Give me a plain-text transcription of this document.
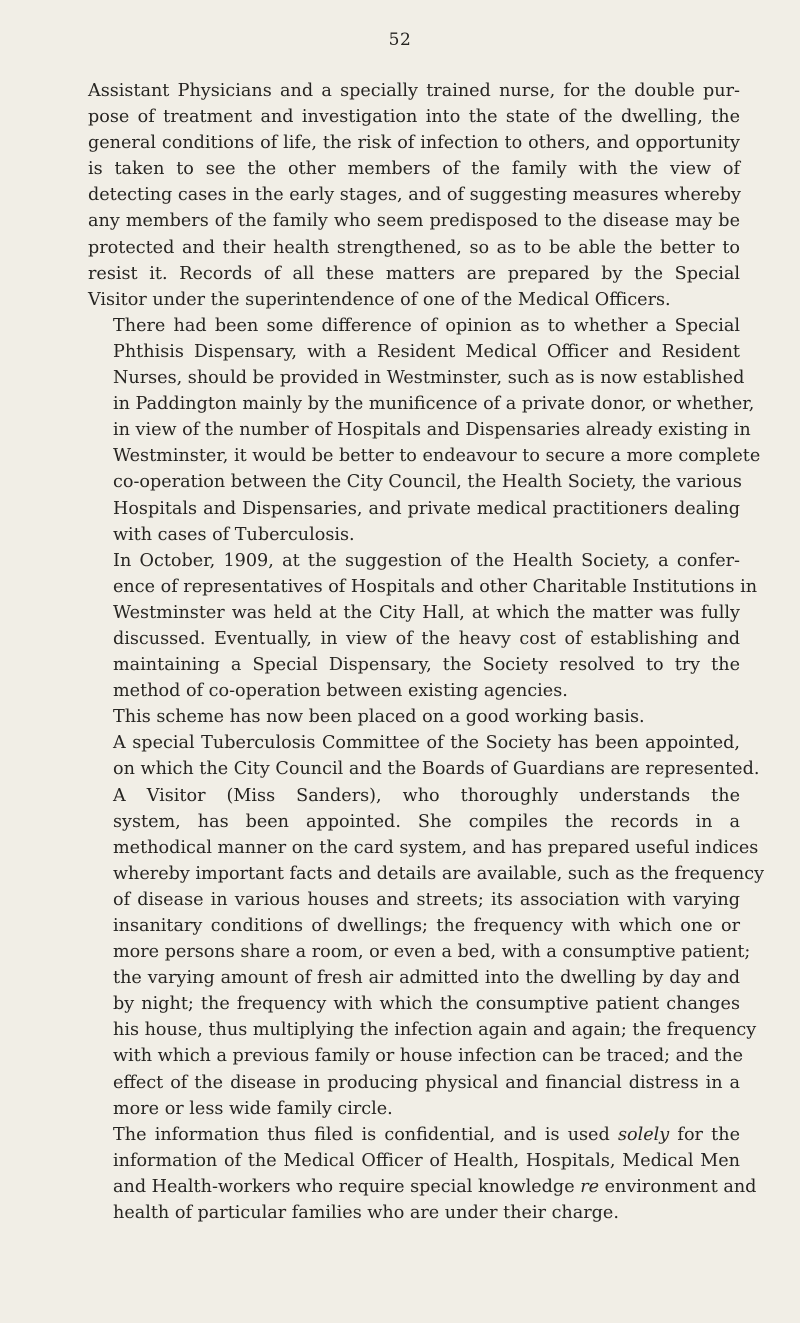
52

Assistant Physicians and a specially trained nurse, for the double pur-
pose of treatment and investigation into the state of the dwelling, the
general conditions of life, the risk of infection to others, and opportunity
is taken to see the other members of the family with the view of
detecting cases in the early stages, and of suggesting measures whereby
any members of the family who seem predisposed to the disease may be
protected and their health strengthened, so as to be able the better to
resist it. Records of all these matters are prepared by the Special
Visitor under the superintendence of one of the Medical Officers.

There had been some difference of opinion as to whether a Special
Phthisis Dispensary, with a Resident Medical Officer and Resident
Nurses, should be provided in Westminster, such as is now established
in Paddington mainly by the munificence of a private donor, or whether,
in view of the number of Hospitals and Dispensaries already existing in
Westminster, it would be better to endeavour to secure a more complete
co-operation between the City Council, the Health Society, the various
Hospitals and Dispensaries, and private medical practitioners dealing
with cases of Tuberculosis.

In October, 1909, at the suggestion of the Health Society, a confer-
ence of representatives of Hospitals and other Charitable Institutions in
Westminster was held at the City Hall, at which the matter was fully
discussed. Eventually, in view of the heavy cost of establishing and
maintaining a Special Dispensary, the Society resolved to try the
method of co-operation between existing agencies.

This scheme has now been placed on a good working basis.

A special Tuberculosis Committee of the Society has been appointed,
on which the City Council and the Boards of Guardians are represented.

A Visitor (Miss Sanders), who thoroughly understands the
system, has been appointed. She compiles the records in a
methodical manner on the card system, and has prepared useful indices
whereby important facts and details are available, such as the frequency
of disease in various houses and streets; its association with varying
insanitary conditions of dwellings; the frequency with which one or
more persons share a room, or even a bed, with a consumptive patient;
the varying amount of fresh air admitted into the dwelling by day and
by night; the frequency with which the consumptive patient changes
his house, thus multiplying the infection again and again; the frequency
with which a previous family or house infection can be traced; and the
effect of the disease in producing physical and financial distress in a
more or less wide family circle.

The information thus filed is confidential, and is used solely for the
information of the Medical Officer of Health, Hospitals, Medical Men
and Health-workers who require special knowledge re environment and
health of particular families who are under their charge.
